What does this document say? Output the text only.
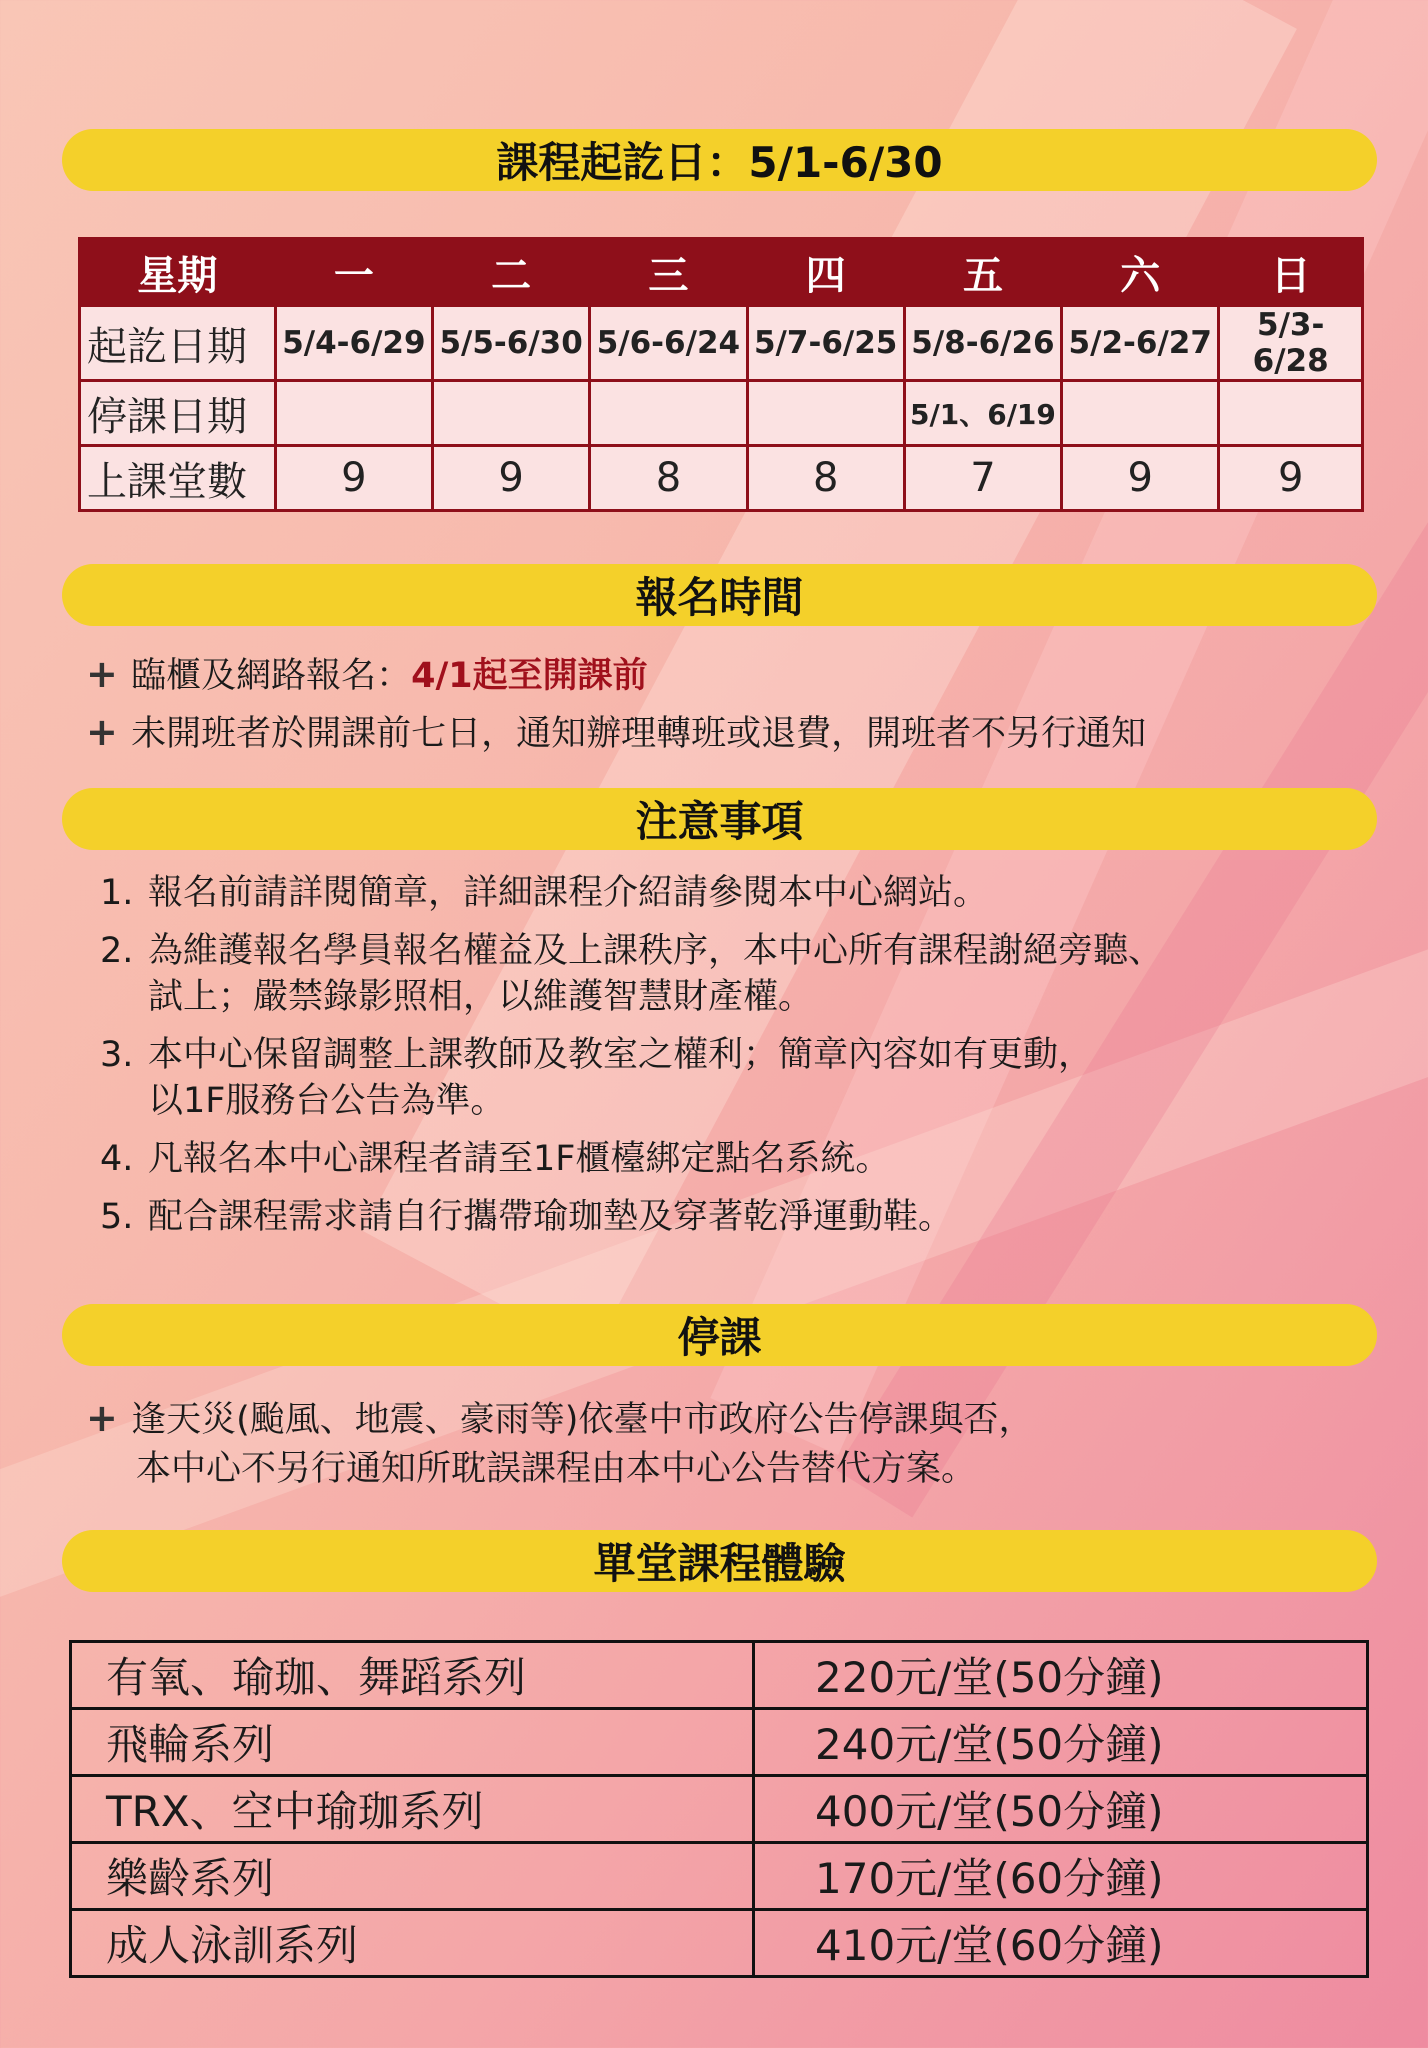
課程起訖日：5/1-6/30
星期	一	二	三	四	五	六	日
起訖日期	5/4-6/29	5/5-6/30	5/6-6/24	5/7-6/25	5/8-6/26	5/2-6/27	5/3-6/28
停課日期					5/1、6/19		
上課堂數	9	9	8	8	7	9	9
報名時間
+ 臨櫃及網路報名：4/1起至開課前
+ 未開班者於開課前七日，通知辦理轉班或退費，開班者不另行通知
注意事項
1. 報名前請詳閱簡章，詳細課程介紹請參閱本中心網站。
2. 為維護報名學員報名權益及上課秩序，本中心所有課程謝絕旁聽、
試上；嚴禁錄影照相，以維護智慧財產權。
3. 本中心保留調整上課教師及教室之權利；簡章內容如有更動，
以1F服務台公告為準。
4. 凡報名本中心課程者請至1F櫃檯綁定點名系統。
5. 配合課程需求請自行攜帶瑜珈墊及穿著乾淨運動鞋。
停課
+ 逢天災(颱風、地震、豪雨等)依臺中市政府公告停課與否，
本中心不另行通知所耽誤課程由本中心公告替代方案。
單堂課程體驗
有氧、瑜珈、舞蹈系列	220元/堂(50分鐘)
飛輪系列	240元/堂(50分鐘)
TRX、空中瑜珈系列	400元/堂(50分鐘)
樂齡系列	170元/堂(60分鐘)
成人泳訓系列	410元/堂(60分鐘)
